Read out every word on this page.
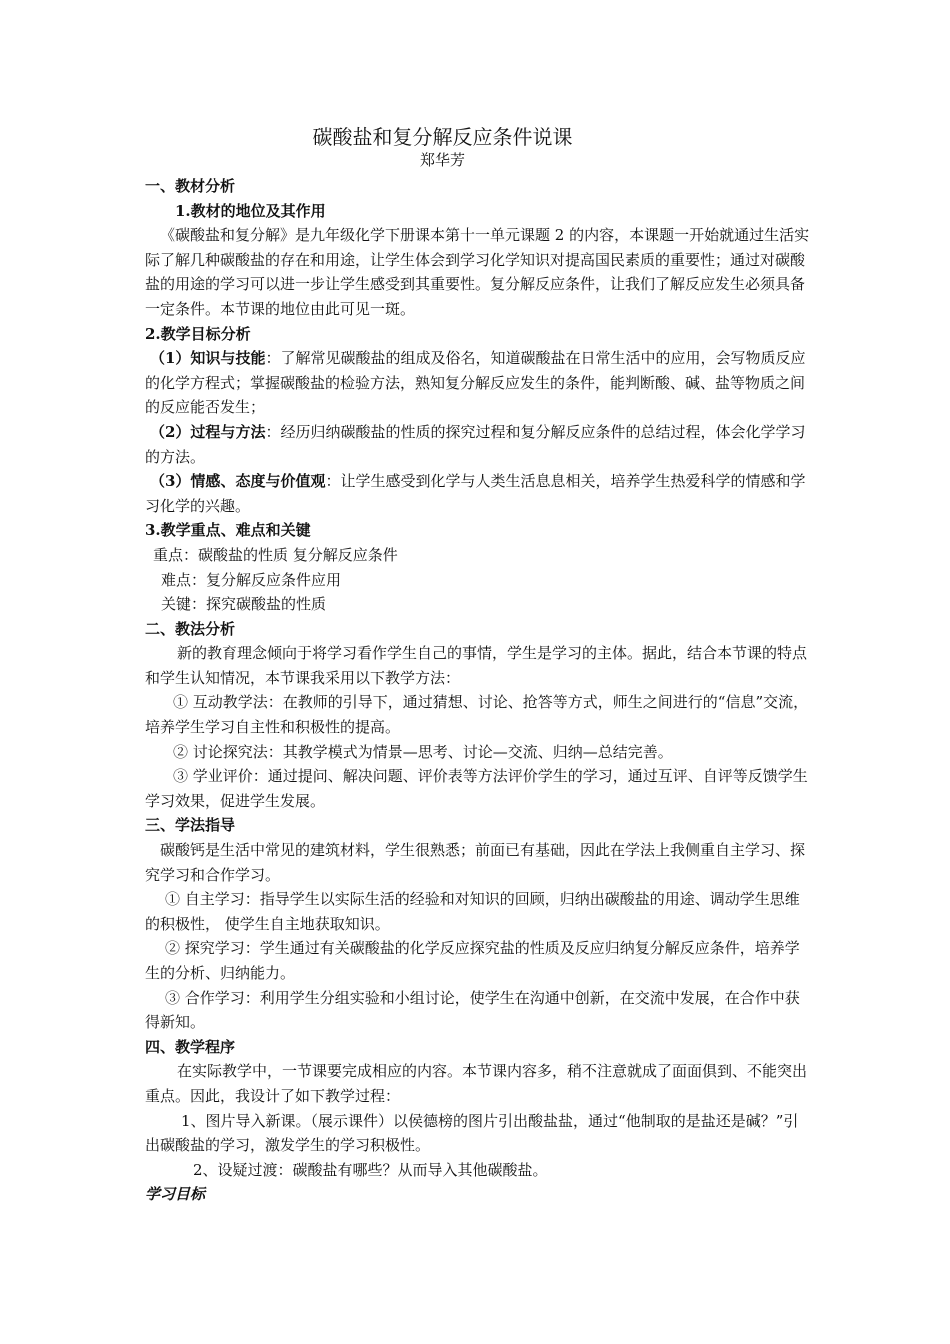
碳酸盐和复分解反应条件说课
郑华芳

一、教材分析

1.教材的地位及其作用

《碳酸盐和复分解》是九年级化学下册课本第十一单元课题 2 的内容，本课题一开始就通过生活实际了解几种碳酸盐的存在和用途，让学生体会到学习化学知识对提高国民素质的重要性；通过对碳酸盐的用途的学习可以进一步让学生感受到其重要性。复分解反应条件，让我们了解反应发生必须具备一定条件。本节课的地位由此可见一斑。

2.教学目标分析

（1）知识与技能：了解常见碳酸盐的组成及俗名，知道碳酸盐在日常生活中的应用，会写物质反应的化学方程式；掌握碳酸盐的检验方法，熟知复分解反应发生的条件，能判断酸、碱、盐等物质之间的反应能否发生；

（2）过程与方法：经历归纳碳酸盐的性质的探究过程和复分解反应条件的总结过程，体会化学学习的方法。

（3）情感、态度与价值观：让学生感受到化学与人类生活息息相关，培养学生热爱科学的情感和学习化学的兴趣。

3.教学重点、难点和关键

重点：碳酸盐的性质 复分解反应条件

难点：复分解反应条件应用

关键：探究碳酸盐的性质

二、教法分析

新的教育理念倾向于将学习看作学生自己的事情，学生是学习的主体。据此，结合本节课的特点和学生认知情况，本节课我采用以下教学方法：

① 互动教学法：在教师的引导下，通过猜想、讨论、抢答等方式，师生之间进行的“信息”交流，培养学生学习自主性和积极性的提高。

② 讨论探究法：其教学模式为情景—思考、讨论—交流、归纳—总结完善。

③ 学业评价：通过提问、解决问题、评价表等方法评价学生的学习，通过互评、自评等反馈学生学习效果，促进学生发展。

三、学法指导

碳酸钙是生活中常见的建筑材料，学生很熟悉；前面已有基础，因此在学法上我侧重自主学习、探究学习和合作学习。

① 自主学习：指导学生以实际生活的经验和对知识的回顾，归纳出碳酸盐的用途、调动学生思维的积极性， 使学生自主地获取知识。

② 探究学习：学生通过有关碳酸盐的化学反应探究盐的性质及反应归纳复分解反应条件，培养学生的分析、归纳能力。

③ 合作学习：利用学生分组实验和小组讨论，使学生在沟通中创新，在交流中发展，在合作中获得新知。

四、教学程序

在实际教学中，一节课要完成相应的内容。本节课内容多，稍不注意就成了面面俱到、不能突出重点。因此，我设计了如下教学过程：

1、图片导入新课。（展示课件）以侯德榜的图片引出酸盐盐，通过“他制取的是盐还是碱？”引出碳酸盐的学习，激发学生的学习积极性。

2、设疑过渡：碳酸盐有哪些？从而导入其他碳酸盐。

学习目标
